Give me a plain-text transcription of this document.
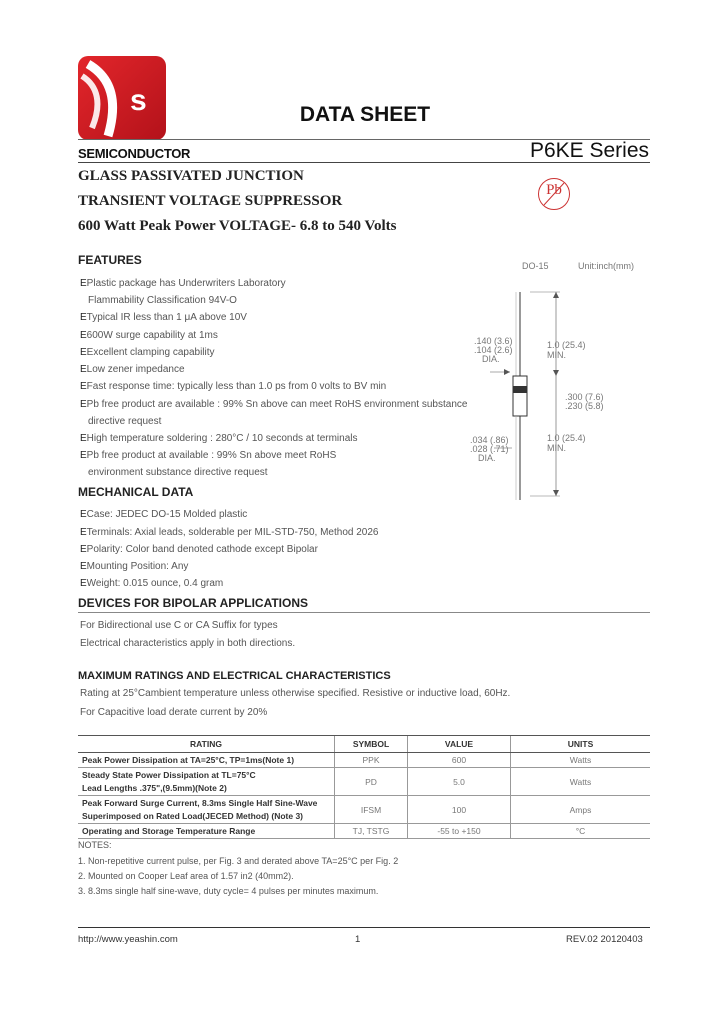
s
SEMICONDUCTOR
DATA SHEET
P6KE Series
GLASS PASSIVATED JUNCTION
TRANSIENT VOLTAGE SUPPRESSOR
600 Watt Peak Power VOLTAGE- 6.8 to 540 Volts
Pb
FEATURES
EPlastic package has Underwriters Laboratory
Flammability Classification 94V-O
ETypical IR less than 1 μA above 10V
E600W surge capability at 1ms
EExcellent clamping capability
ELow zener impedance
EFast response time: typically less than 1.0 ps from 0 volts to BV min
EPb free product are available : 99% Sn above can meet RoHS environment substance
directive request
EHigh temperature soldering : 280°C / 10 seconds at terminals
EPb free product at available : 99% Sn above meet RoHS
environment substance directive request
DO-15	Unit:inch(mm)
.140 (3.6)
.104 (2.6)
DIA.
1.0 (25.4)
MIN.
.300 (7.6)
.230 (5.8)
.034 (.86)
.028 (.71)
DIA.
1.0 (25.4)
MIN.
MECHANICAL DATA
ECase: JEDEC DO-15 Molded plastic
ETerminals: Axial leads, solderable per MIL-STD-750, Method 2026
EPolarity: Color band denoted cathode except Bipolar
EMounting Position: Any
EWeight: 0.015 ounce, 0.4 gram
DEVICES FOR BIPOLAR APPLICATIONS
For Bidirectional use C or CA Suffix for types
Electrical characteristics apply in both directions.
MAXIMUM RATINGS AND ELECTRICAL CHARACTERISTICS
Rating at 25°Cambient temperature unless otherwise specified. Resistive or inductive load, 60Hz.
For Capacitive load derate current by 20%
RATING	SYMBOL	VALUE	UNITS

Peak Power Dissipation at TA=25°C, TP=1ms(Note 1)	PPK	600	Watts

Steady State Power Dissipation at TL=75°C
Lead Lengths .375",(9.5mm)(Note 2)	PD	5.0	Watts

Peak Forward Surge Current, 8.3ms Single Half Sine-Wave
Superimposed on Rated Load(JECED Method) (Note 3)	IFSM	100	Amps

Operating and Storage Temperature Range	TJ, TSTG	-55 to +150	°C
NOTES:
1. Non-repetitive current pulse, per Fig. 3 and derated above TA=25°C per Fig. 2
2. Mounted on Cooper Leaf area of 1.57 in2 (40mm2).
3. 8.3ms single half sine-wave, duty cycle= 4 pulses per minutes maximum.
http://www.yeashin.com	1	REV.02 20120403
